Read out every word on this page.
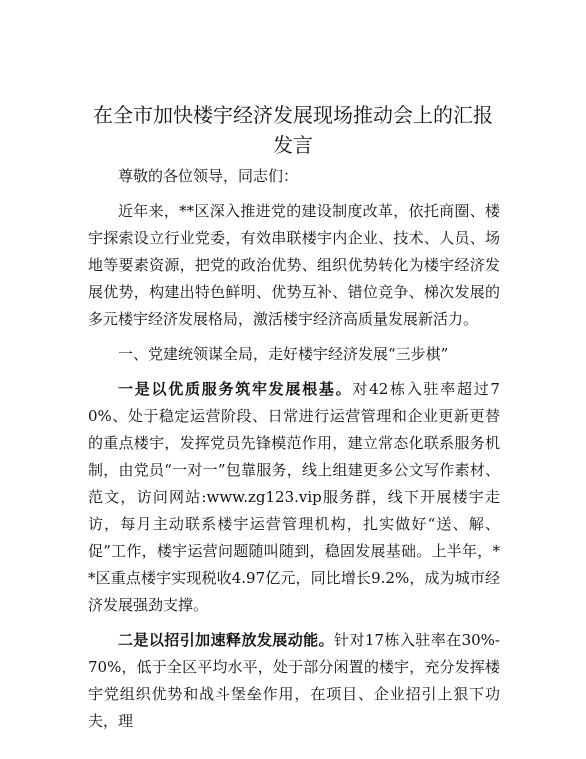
在全市加快楼宇经济发展现场推动会上的汇报
发言

尊敬的各位领导，同志们：

近年来，**区深入推进党的建设制度改革，依托商圈、楼宇探索设立行业党委，有效串联楼宇内企业、技术、人员、场地等要素资源，把党的政治优势、组织优势转化为楼宇经济发展优势，构建出特色鲜明、优势互补、错位竞争、梯次发展的多元楼宇经济发展格局，激活楼宇经济高质量发展新活力。

一、党建统领谋全局，走好楼宇经济发展“三步棋”

一是以优质服务筑牢发展根基。对42栋入驻率超过70%、处于稳定运营阶段、日常进行运营管理和企业更新更替的重点楼宇，发挥党员先锋模范作用，建立常态化联系服务机制，由党员“一对一”包靠服务，线上组建更多公文写作素材、范文，访问网站:www.zg123.vip服务群，线下开展楼宇走访，每月主动联系楼宇运营管理机构，扎实做好“送、解、促”工作，楼宇运营问题随叫随到，稳固发展基础。上半年，**区重点楼宇实现税收4.97亿元，同比增长9.2%，成为城市经济发展强劲支撑。

二是以招引加速释放发展动能。针对17栋入驻率在30%-70%，低于全区平均水平，处于部分闲置的楼宇，充分发挥楼宇党组织优势和战斗堡垒作用，在项目、企业招引上狠下功夫，理
